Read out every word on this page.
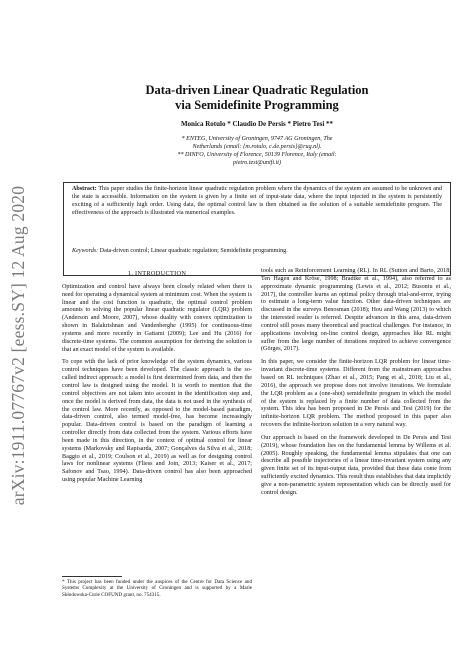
arXiv:1911.07767v2 [eess.SY] 12 Aug 2020
Data-driven Linear Quadratic Regulation
via Semidefinite Programming
Monica Rotulo * Claudio De Persis * Pietro Tesi **
* ENTEG, University of Groningen, 9747 AG Groningen, The
Netherlands (email: {m.rotulo, c.de.persis}@rug.nl).
** DINFO, University of Florence, 50139 Florence, Italy (email:
pietro.tesi@unifi.it)
Abstract: This paper studies the finite-horizon linear quadratic regulation problem where the dynamics of the system are assumed to be unknown and the state is accessible. Information on the system is given by a finite set of input-state data, where the input injected in the system is persistently exciting of a sufficiently high order. Using data, the optimal control law is then obtained as the solution of a suitable semidefinite program. The effectiveness of the approach is illustrated via numerical examples.
Keywords: Data-driven control; Linear quadratic regulation; Semidefinite programming.
1. INTRODUCTION

Optimization and control have always been closely related when there is need for operating a dynamical system at minimum cost. When the system is linear and the cost function is quadratic, the optimal control problem amounts to solving the popular linear quadratic regulator (LQR) problem (Anderson and Moore, 2007), whose duality with convex optimization is shown in Balakrishnan and Vandenberghe (1995) for continuous-time systems and more recently in Gattami (2009); Lee and Hu (2016) for discrete-time systems. The common assumption for deriving the solution is that an exact model of the system is available.

To cope with the lack of prior knowledge of the system dynamics, various control techniques have been developed. The classic approach is the so-called indirect approach: a model is first determined from data, and then the control law is designed using the model. It is worth to mention that the control objectives are not taken into account in the identification step and, once the model is derived from data, the data is not used in the synthesis of the control law. More recently, as opposed to the model-based paradigm, data-driven control, also termed model-free, has become increasingly popular. Data-driven control is based on the paradigm of learning a controller directly from data collected from the system. Various efforts have been made in this direction, in the context of optimal control for linear systems (Markovsky and Rapisarda, 2007; Gonçalves da Silva et al., 2018; Baggio et al., 2019; Coulson et al., 2019) as well as for designing control laws for nonlinear systems (Fliess and Join, 2013; Kaiser et al., 2017; Safonov and Tsao, 1994). Data-driven control has also been approached using popular Machine Learning

tools such as Reinforcement Learning (RL). In RL (Sutton and Barto, 2018; Ten Hagen and Kröse, 1998; Bradtke et al., 1994), also referred to as approximate dynamic programming (Lewis et al., 2012; Busoniu et al., 2017), the controller learns an optimal policy through trial-and-error, trying to estimate a long-term value function. Other data-driven techniques are discussed in the surveys Benosman (2018); Hou and Wang (2013) to which the interested reader is referred. Despite advances in this area, data-driven control still poses many theoretical and practical challenges. For instance, in applications involving on-line control design, approaches like RL might suffer from the large number of iterations required to achieve convergence (Görges, 2017).

In this paper, we consider the finite-horizon LQR problem for linear time-invariant discrete-time systems. Different from the mainstream approaches based on RL techniques (Zhao et al., 2015; Pang et al., 2018; Liu et al., 2016), the approach we propose does not involve iterations. We formulate the LQR problem as a (one-shot) semidefinite program in which the model of the system is replaced by a finite number of data collected from the system. This idea has been proposed in De Persis and Tesi (2019) for the infinite-horizon LQR problem. The method proposed in this paper also recovers the infinite-horizon solution in a very natural way.

Our approach is based on the framework developed in De Persis and Tesi (2019), whose foundation lies on the fundamental lemma by Willems et al. (2005). Roughly speaking, the fundamental lemma stipulates that one can describe all possible trajectories of a linear time-invariant system using any given finite set of its input-output data, provided that these data come from sufficiently excited dynamics. This result thus establishes that data implicitly give a non-parametric system representation which can be directly used for control design.

* This project has been funded under the auspices of the Centre for Data Science and Systems Complexity at the University of Groningen and is supported by a Marie Skłodowska-Curie COFUND grant, no. 754315.
